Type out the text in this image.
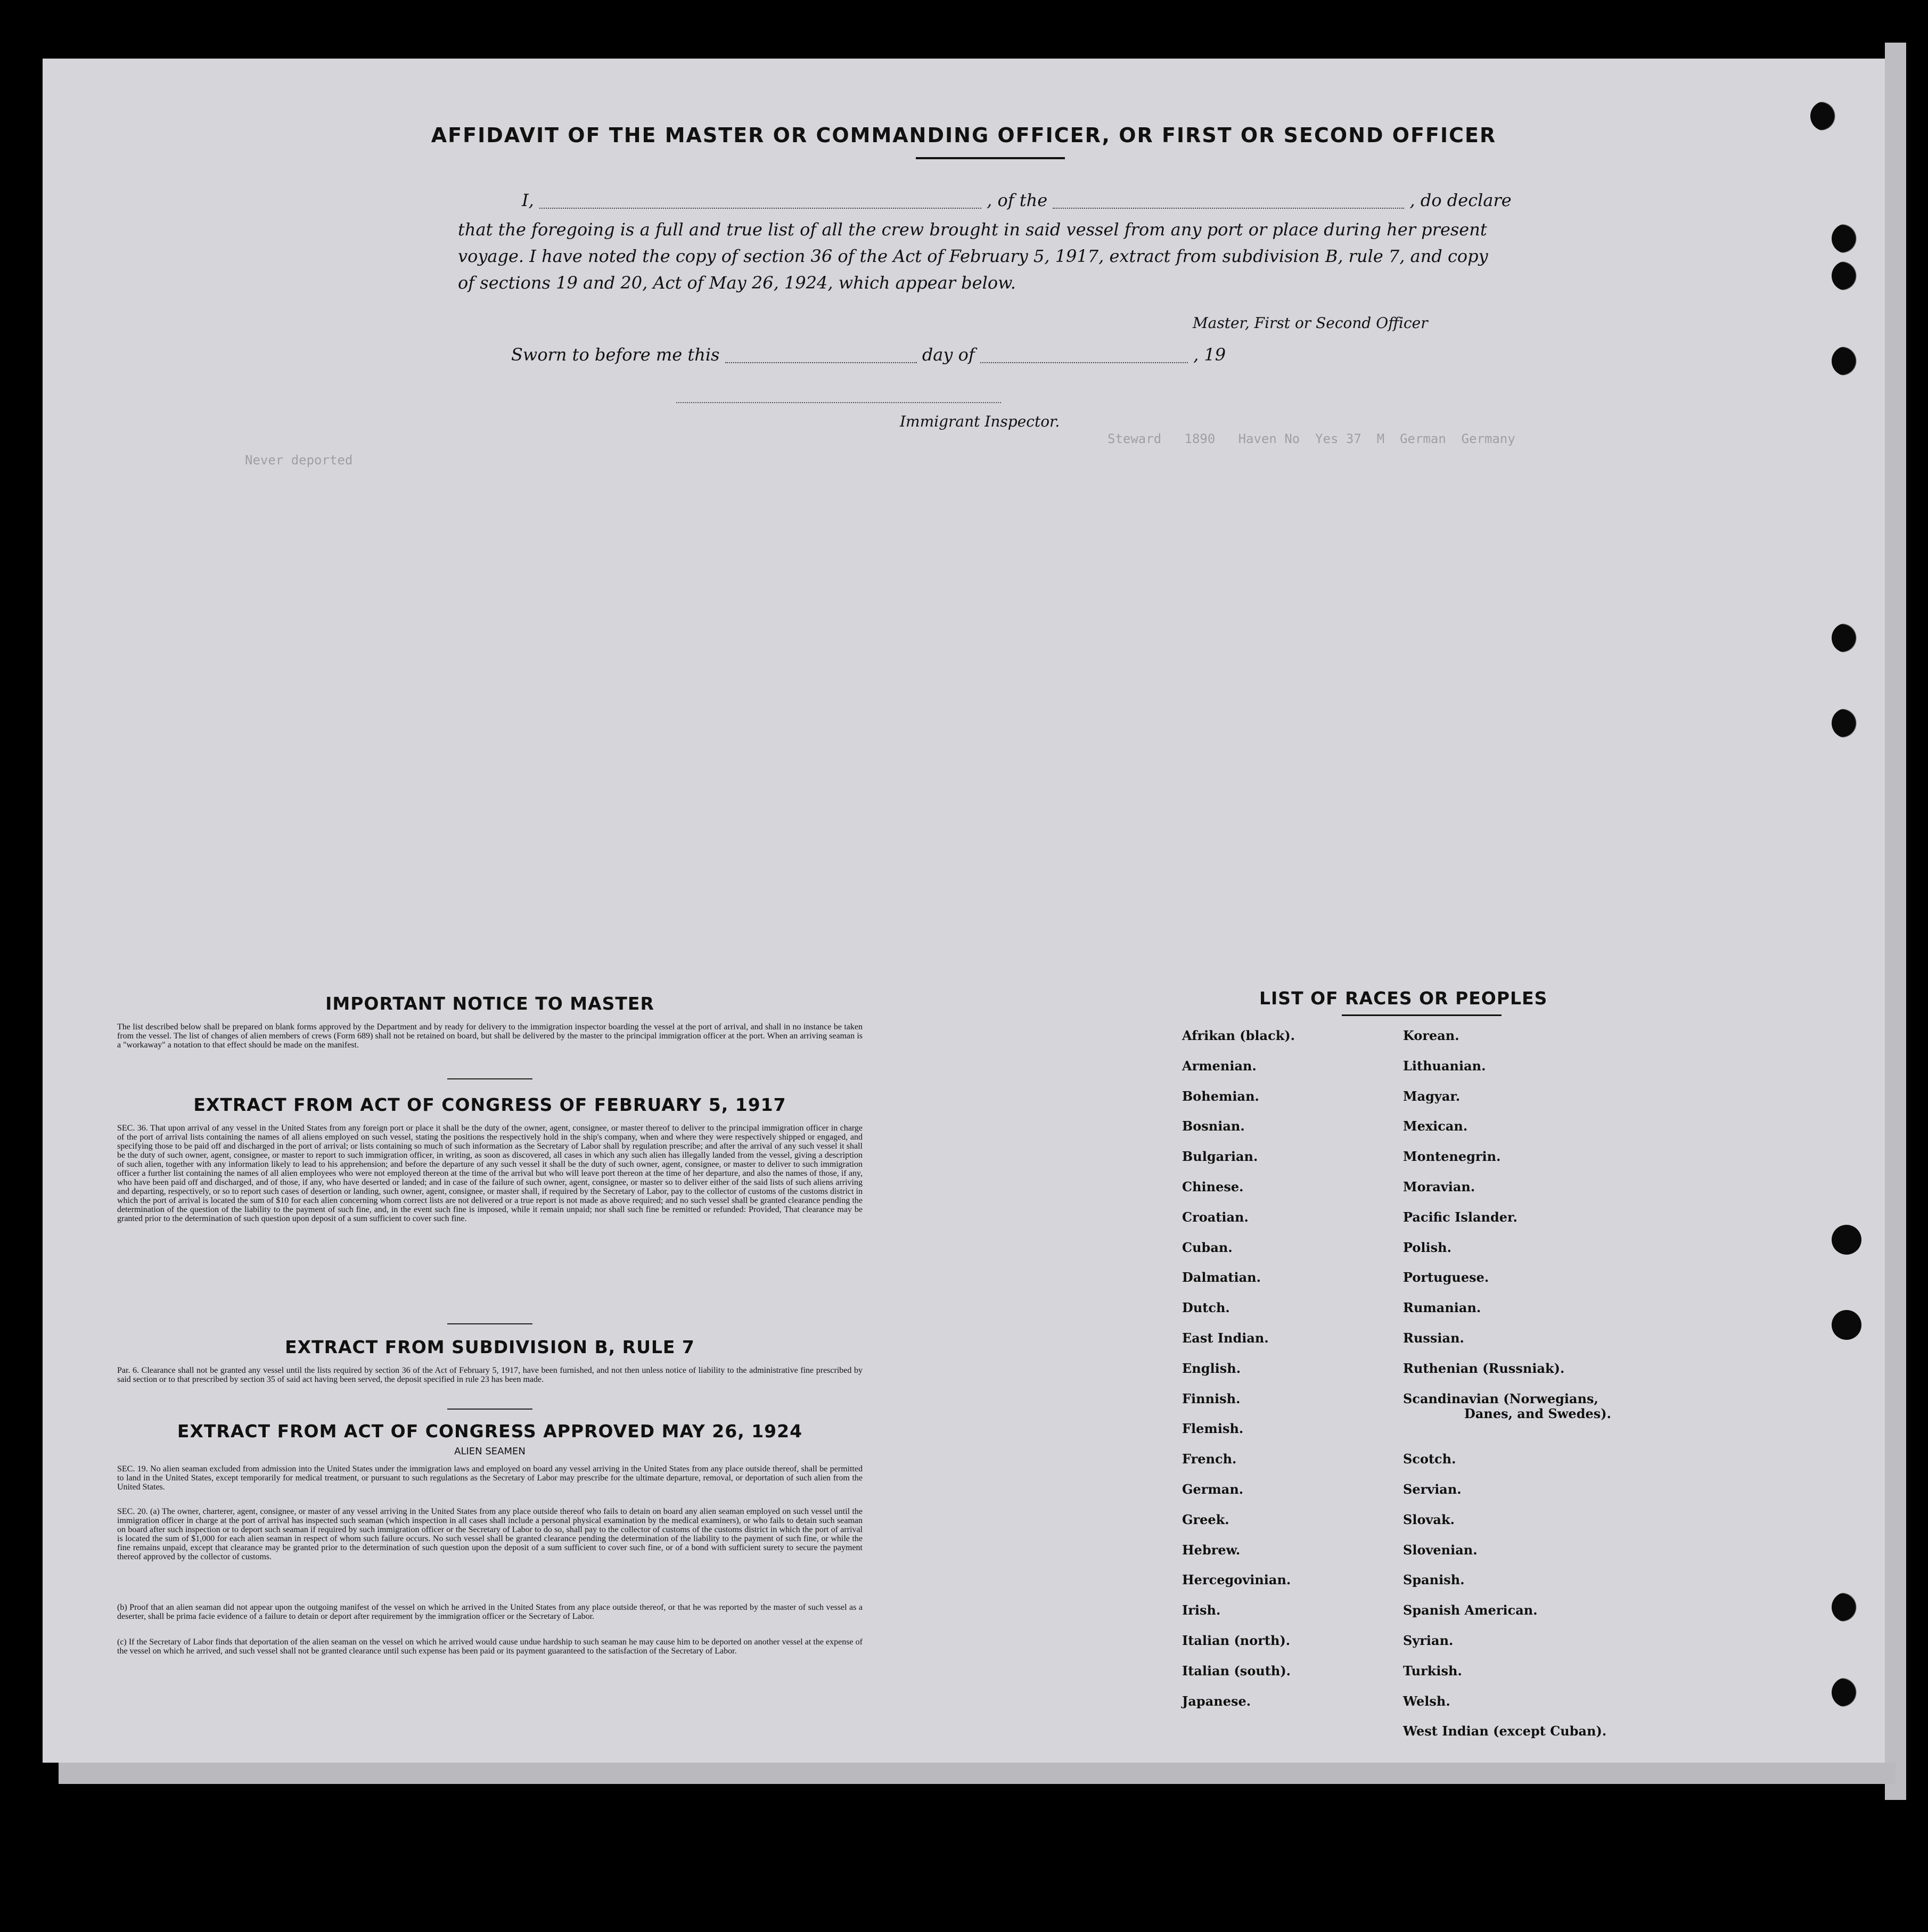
Steward   1890   Haven No  Yes 37  M  German  Germany
Never deported
AFFIDAVIT OF THE MASTER OR COMMANDING OFFICER, OR FIRST OR SECOND OFFICER
I,	, of the	, do declare
that the foregoing is a full and true list of all the crew brought in said vessel from any port or place during her present
voyage. I have noted the copy of section 36 of the Act of February 5, 1917, extract from subdivision B, rule 7, and copy
of sections 19 and 20, Act of May 26, 1924, which appear below.
Master, First or Second Officer
Sworn to before me this	day of	, 19
Immigrant Inspector.
IMPORTANT NOTICE TO MASTER
The list described below shall be prepared on blank forms approved by the Department and by ready for delivery to the immigration inspector boarding the vessel at the port of arrival, and shall in no instance be taken from the vessel. The list of changes of alien members of crews (Form 689) shall not be retained on board, but shall be delivered by the master to the principal immigration officer at the port. When an arriving seaman is a "workaway" a notation to that effect should be made on the manifest.
EXTRACT FROM ACT OF CONGRESS OF FEBRUARY 5, 1917
SEC. 36. That upon arrival of any vessel in the United States from any foreign port or place it shall be the duty of the owner, agent, consignee, or master thereof to deliver to the principal immigration officer in charge of the port of arrival lists containing the names of all aliens employed on such vessel, stating the positions the respectively hold in the ship's company, when and where they were respectively shipped or engaged, and specifying those to be paid off and discharged in the port of arrival; or lists containing so much of such information as the Secretary of Labor shall by regulation prescribe; and after the arrival of any such vessel it shall be the duty of such owner, agent, consignee, or master to report to such immigration officer, in writing, as soon as discovered, all cases in which any such alien has illegally landed from the vessel, giving a description of such alien, together with any information likely to lead to his apprehension; and before the departure of any such vessel it shall be the duty of such owner, agent, consignee, or master to deliver to such immigration officer a further list containing the names of all alien employees who were not employed thereon at the time of the arrival but who will leave port thereon at the time of her departure, and also the names of those, if any, who have been paid off and discharged, and of those, if any, who have deserted or landed; and in case of the failure of such owner, agent, consignee, or master so to deliver either of the said lists of such aliens arriving and departing, respectively, or so to report such cases of desertion or landing, such owner, agent, consignee, or master shall, if required by the Secretary of Labor, pay to the collector of customs of the customs district in which the port of arrival is located the sum of $10 for each alien concerning whom correct lists are not delivered or a true report is not made as above required; and no such vessel shall be granted clearance pending the determination of the question of the liability to the payment of such fine, and, in the event such fine is imposed, while it remain unpaid; nor shall such fine be remitted or refunded: Provided, That clearance may be granted prior to the determination of such question upon deposit of a sum sufficient to cover such fine.
EXTRACT FROM SUBDIVISION B, RULE 7
Par. 6. Clearance shall not be granted any vessel until the lists required by section 36 of the Act of February 5, 1917, have been furnished, and not then unless notice of liability to the administrative fine prescribed by said section or to that prescribed by section 35 of said act having been served, the deposit specified in rule 23 has been made.
EXTRACT FROM ACT OF CONGRESS APPROVED MAY 26, 1924
ALIEN SEAMEN
SEC. 19. No alien seaman excluded from admission into the United States under the immigration laws and employed on board any vessel arriving in the United States from any place outside thereof, shall be permitted to land in the United States, except temporarily for medical treatment, or pursuant to such regulations as the Secretary of Labor may prescribe for the ultimate departure, removal, or deportation of such alien from the United States.
SEC. 20. (a) The owner, charterer, agent, consignee, or master of any vessel arriving in the United States from any place outside thereof who fails to detain on board any alien seaman employed on such vessel until the immigration officer in charge at the port of arrival has inspected such seaman (which inspection in all cases shall include a personal physical examination by the medical examiners), or who fails to detain such seaman on board after such inspection or to deport such seaman if required by such immigration officer or the Secretary of Labor to do so, shall pay to the collector of customs of the customs district in which the port of arrival is located the sum of $1,000 for each alien seaman in respect of whom such failure occurs. No such vessel shall be granted clearance pending the determination of the liability to the payment of such fine, or while the fine remains unpaid, except that clearance may be granted prior to the determination of such question upon the deposit of a sum sufficient to cover such fine, or of a bond with sufficient surety to secure the payment thereof approved by the collector of customs.
(b) Proof that an alien seaman did not appear upon the outgoing manifest of the vessel on which he arrived in the United States from any place outside thereof, or that he was reported by the master of such vessel as a deserter, shall be prima facie evidence of a failure to detain or deport after requirement by the immigration officer or the Secretary of Labor.
(c) If the Secretary of Labor finds that deportation of the alien seaman on the vessel on which he arrived would cause undue hardship to such seaman he may cause him to be deported on another vessel at the expense of the vessel on which he arrived, and such vessel shall not be granted clearance until such expense has been paid or its payment guaranteed to the satisfaction of the Secretary of Labor.
LIST OF RACES OR PEOPLES
Afrikan (black).
Armenian.
Bohemian.
Bosnian.
Bulgarian.
Chinese.
Croatian.
Cuban.
Dalmatian.
Dutch.
East Indian.
English.
Finnish.
Flemish.
French.
German.
Greek.
Hebrew.
Hercegovinian.
Irish.
Italian (north).
Italian (south).
Japanese.
Korean.
Lithuanian.
Magyar.
Mexican.
Montenegrin.
Moravian.
Pacific Islander.
Polish.
Portuguese.
Rumanian.
Russian.
Ruthenian (Russniak).
Scandinavian (Norwegians,
Danes, and Swedes).
Scotch.
Servian.
Slovak.
Slovenian.
Spanish.
Spanish American.
Syrian.
Turkish.
Welsh.
West Indian (except Cuban).
